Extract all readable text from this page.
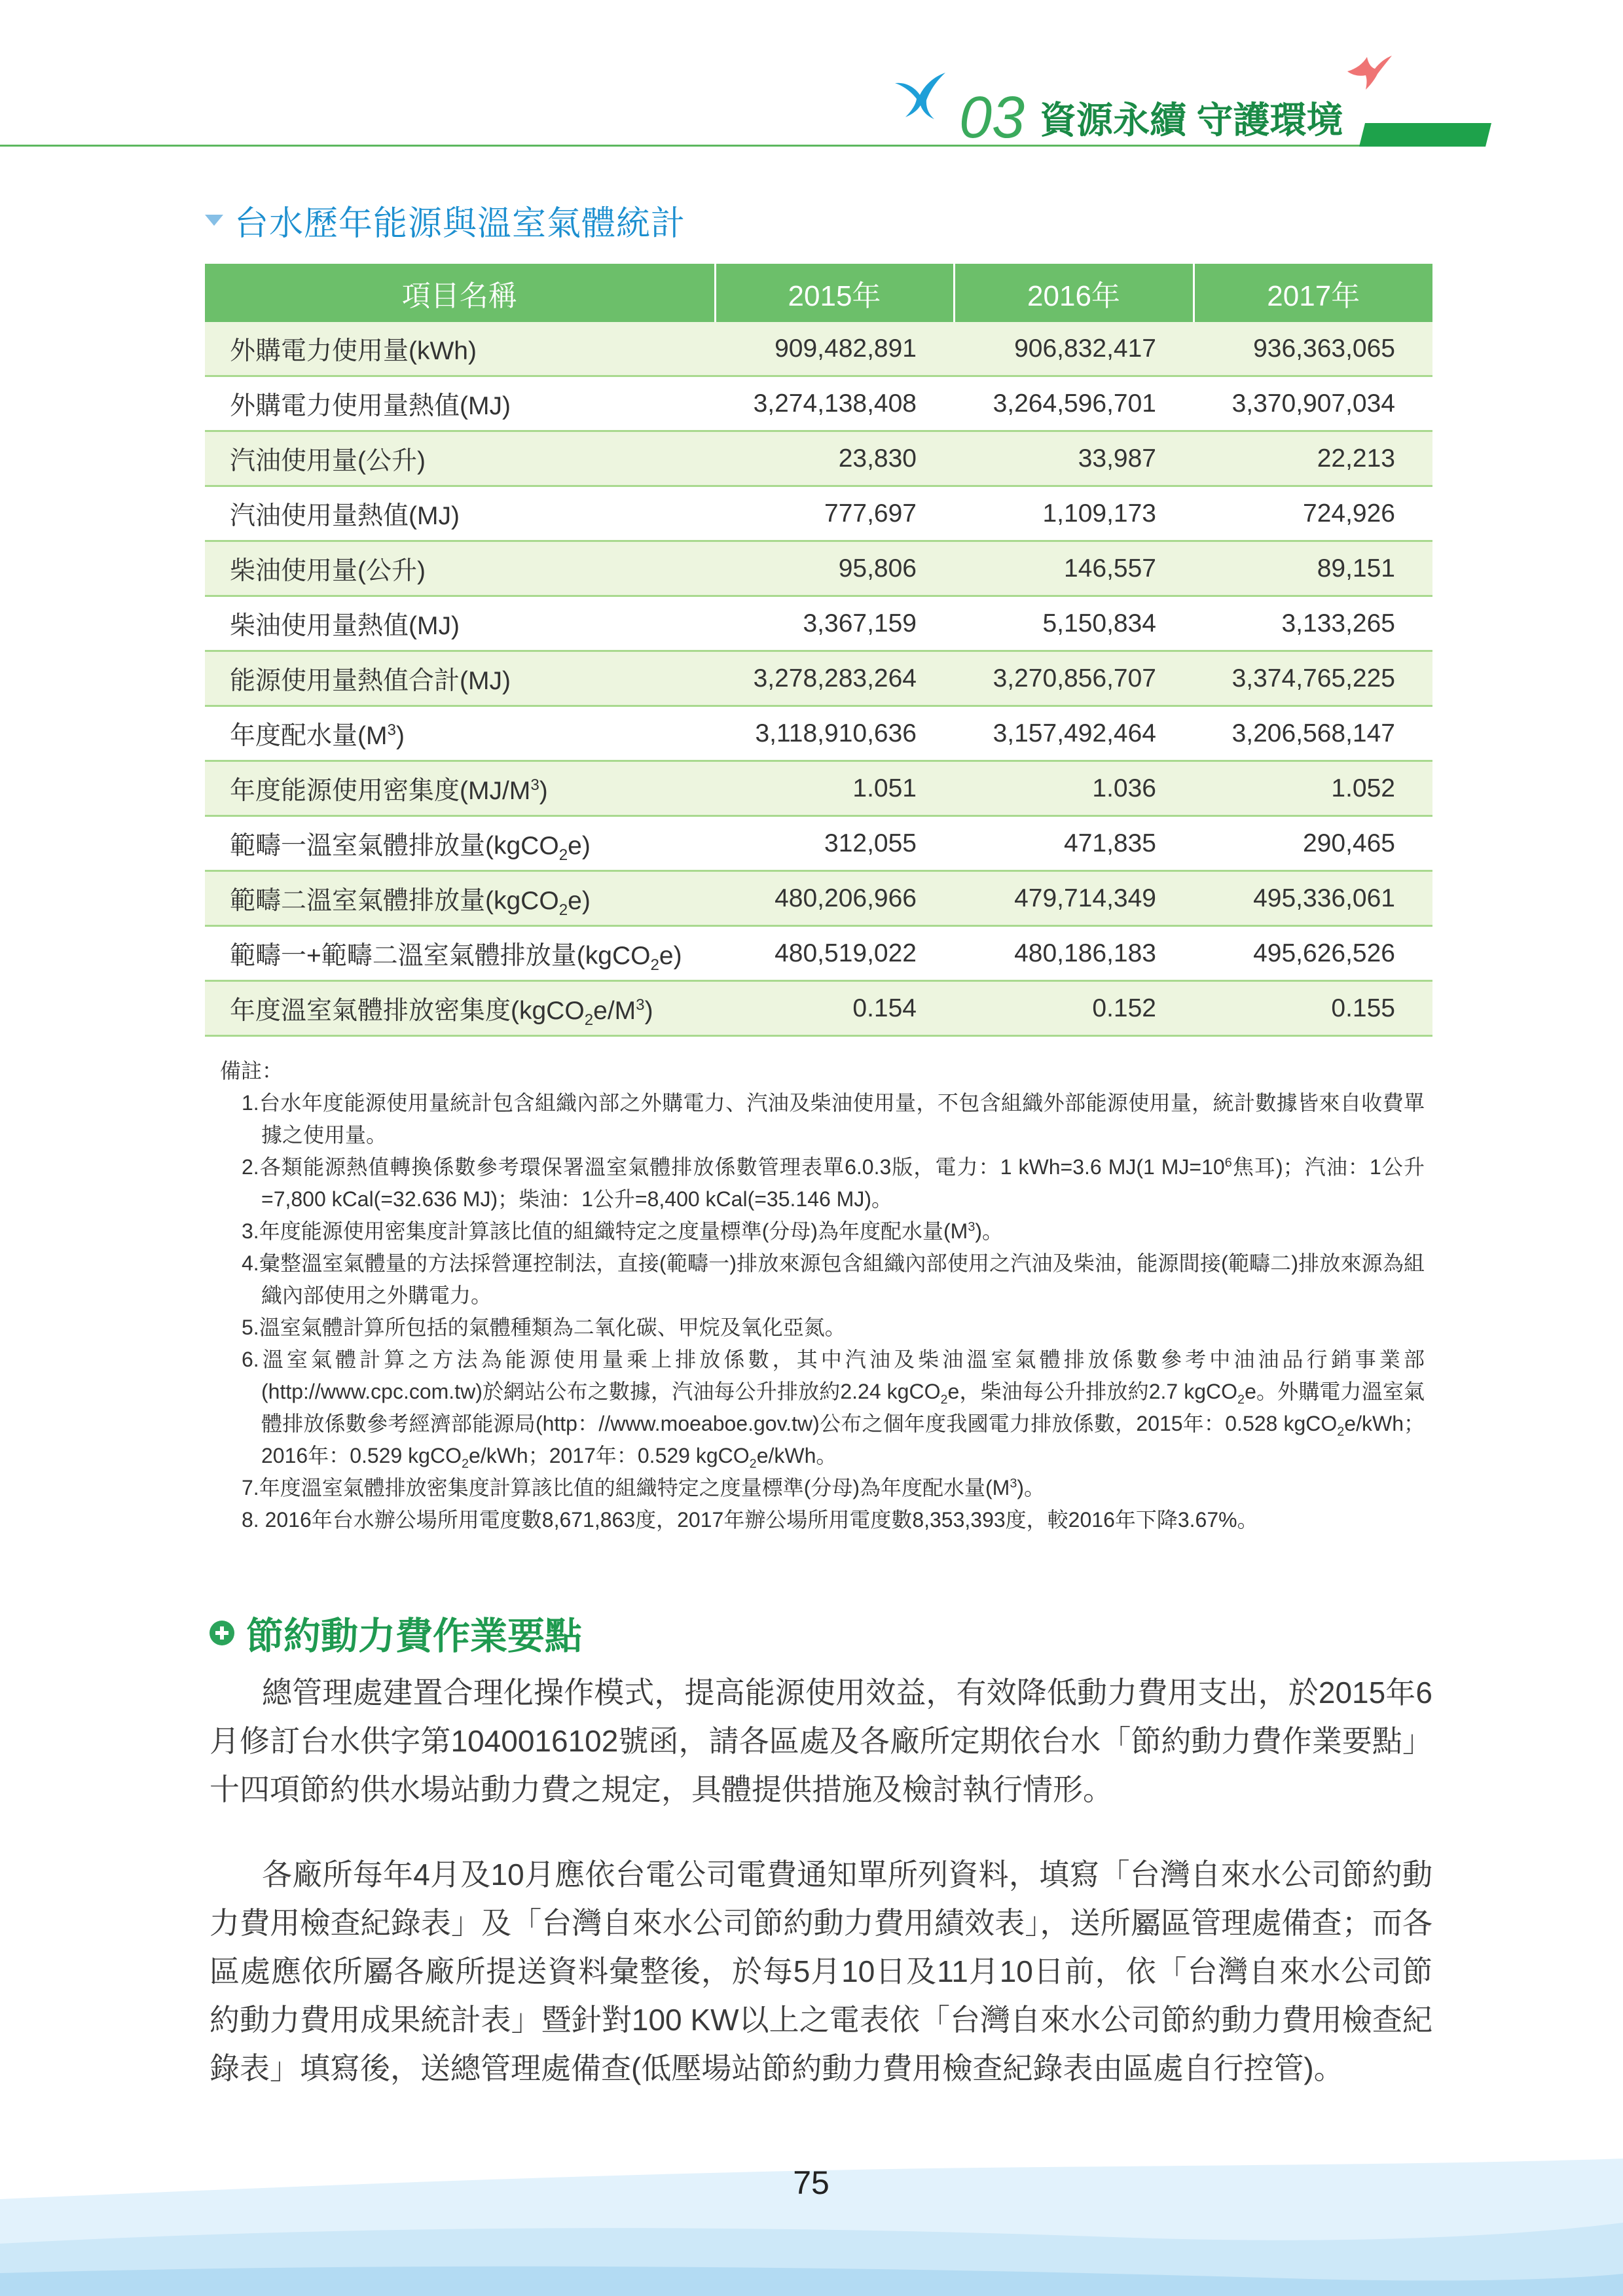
03 資源永續 守護環境
台水歷年能源與溫室氣體統計
項目名稱	2015年	2016年	2017年
外購電力使用量(kWh)	909,482,891	906,832,417	936,363,065
外購電力使用量熱值(MJ)	3,274,138,408	3,264,596,701	3,370,907,034
汽油使用量(公升)	23,830	33,987	22,213
汽油使用量熱值(MJ)	777,697	1,109,173	724,926
柴油使用量(公升)	95,806	146,557	89,151
柴油使用量熱值(MJ)	3,367,159	5,150,834	3,133,265
能源使用量熱值合計(MJ)	3,278,283,264	3,270,856,707	3,374,765,225
年度配水量$(M^3)$	3,118,910,636	3,157,492,464	3,206,568,147
年度能源使用密集度$(MJ/M^3)$	1.051	1.036	1.052
範疇一溫室氣體排放量(kgCO$_2$e)	312,055	471,835	290,465
範疇二溫室氣體排放量(kgCO$_2$e)	480,206,966	479,714,349	495,336,061
範疇一+範疇二溫室氣體排放量(kgCO$_2$e)	480,519,022	480,186,183	495,626,526
年度溫室氣體排放密集度$(kgCO_2e/M^3)$	0.154	0.152	0.155
備註：

1.台水年度能源使用量統計包含組織內部之外購電力、汽油及柴油使用量，不包含組織外部能源使用量，統計數據皆來自收費單據之使用量。

2.各類能源熱值轉換係數參考環保署溫室氣體排放係數管理表單6.0.3版，電力：1 kWh=3.6 MJ(1 $MJ=10^6$焦耳)；汽油：1公升=7,800 kCal(=32.636 MJ)；柴油：1公升=8,400 kCal(=35.146 MJ)。

3.年度能源使用密集度計算該比值的組織特定之度量標準(分母)為年度配水量$(M^3)$。

4.彙整溫室氣體量的方法採營運控制法，直接(範疇一)排放來源包含組織內部使用之汽油及柴油，能源間接(範疇二)排放來源為組織內部使用之外購電力。

5.溫室氣體計算所包括的氣體種類為二氧化碳、甲烷及氧化亞氮。

6.溫室氣體計算之方法為能源使用量乘上排放係數，其中汽油及柴油溫室氣體排放係數參考中油油品行銷事業部(http://www.cpc.com.tw)於網站公布之數據，汽油每公升排放約2.24 kgCO$_2$e，柴油每公升排放約2.7 kgCO$_2$e。外購電力溫室氣體排放係數參考經濟部能源局(http：//www.moeaboe.gov.tw)公布之個年度我國電力排放係數，2015年：0.528 kgCO$_2$e/kWh；2016年：0.529 kgCO$_2$e/kWh；2017年：0.529 kgCO$_2$e/kWh。

7.年度溫室氣體排放密集度計算該比值的組織特定之度量標準(分母)為年度配水量$(M^3)$。

8. 2016年台水辦公場所用電度數8,671,863度，2017年辦公場所用電度數8,353,393度，較2016年下降3.67%。

節約動力費作業要點

總管理處建置合理化操作模式，提高能源使用效益，有效降低動力費用支出，於2015年6月修訂台水供字第1040016102號函，請各區處及各廠所定期依台水「節約動力費作業要點」十四項節約供水場站動力費之規定，具體提供措施及檢討執行情形。

各廠所每年4月及10月應依台電公司電費通知單所列資料，填寫「台灣自來水公司節約動力費用檢查紀錄表」及「台灣自來水公司節約動力費用績效表」，送所屬區管理處備查；而各區處應依所屬各廠所提送資料彙整後，於每5月10日及11月10日前，依「台灣自來水公司節約動力費用成果統計表」暨針對100 KW以上之電表依「台灣自來水公司節約動力費用檢查紀錄表」填寫後，送總管理處備查(低壓場站節約動力費用檢查紀錄表由區處自行控管)。

75
